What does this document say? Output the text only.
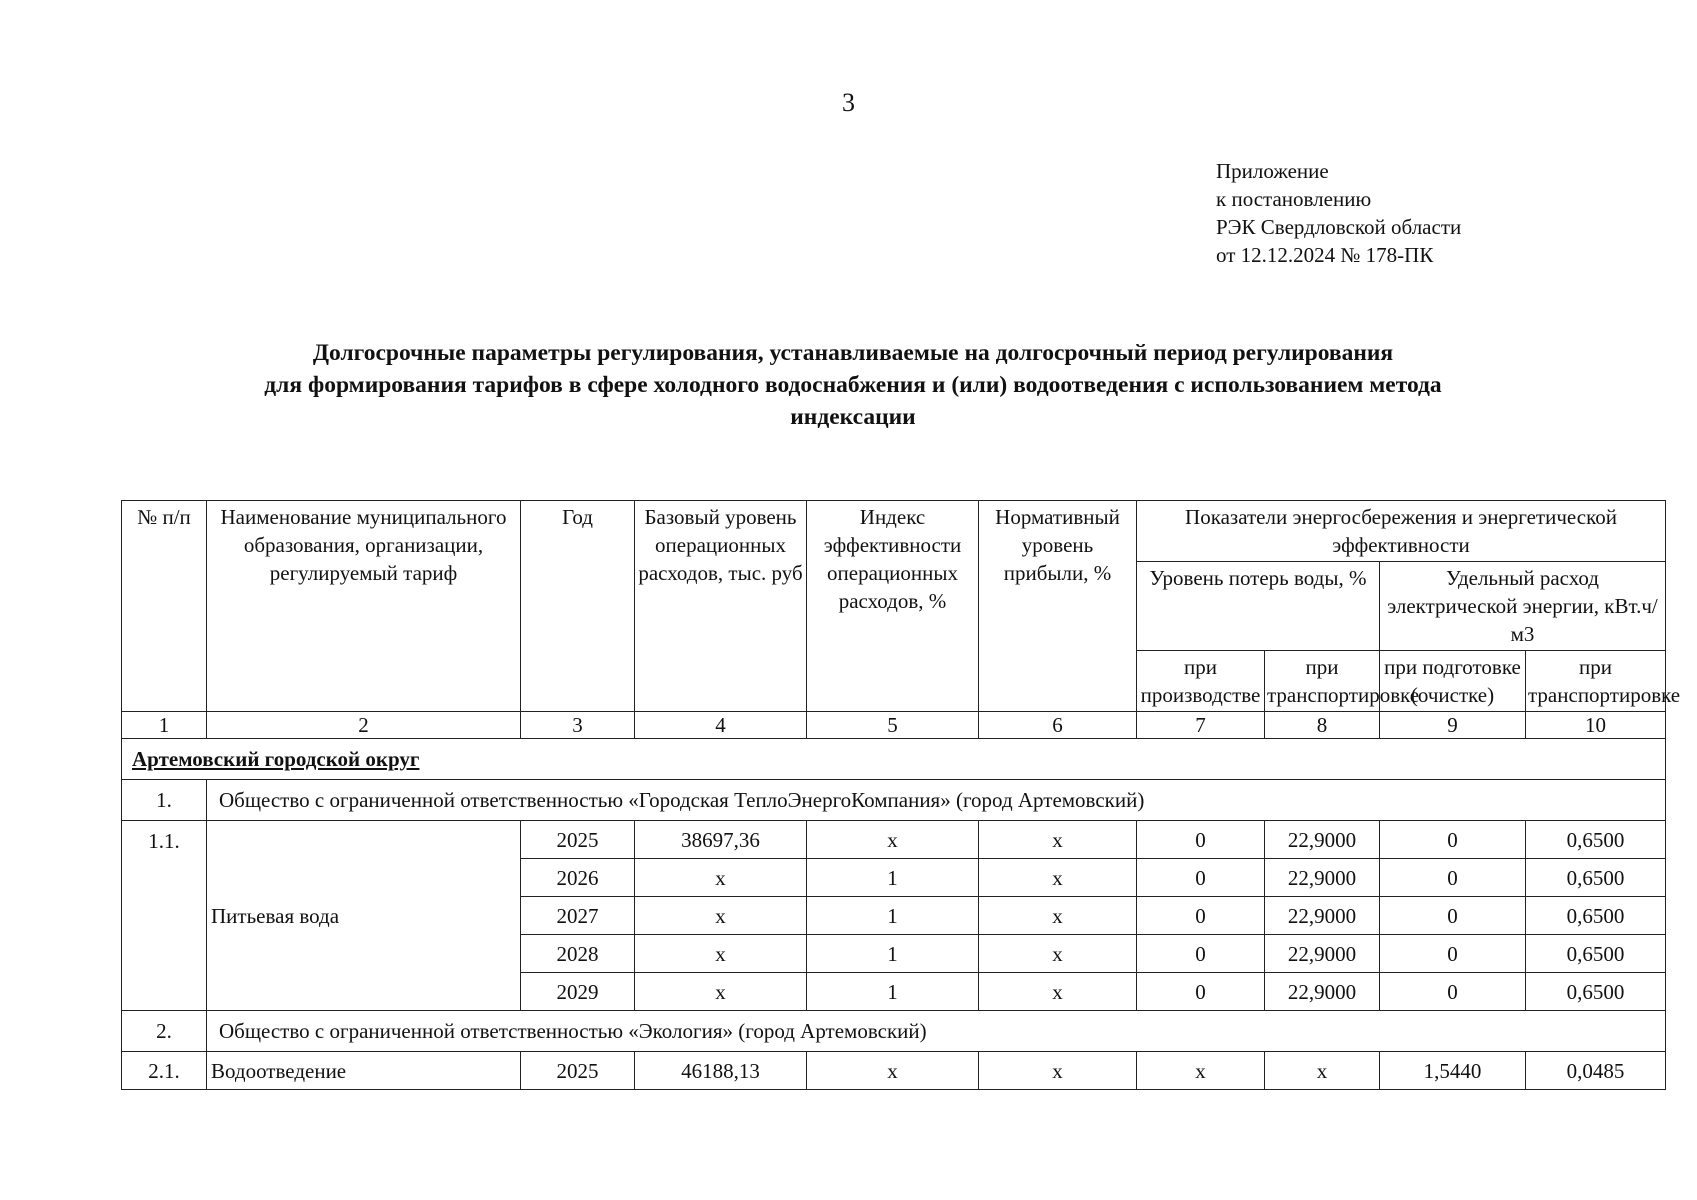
3
Приложение
к постановлению
РЭК Свердловской области
от 12.12.2024 № 178-ПК
Долгосрочные параметры регулирования, устанавливаемые на долгосрочный период регулирования
для формирования тарифов в сфере холодного водоснабжения и (или) водоотведения с использованием метода
индексации
№ п/п	Наименование муниципального образования, организации, регулируемый тариф	Год	Базовый уровень операционных расходов, тыс. руб	Индекс эффективности операционных расходов, %	Нормативный уровень прибыли, %	Показатели энергосбережения и энергетической эффективности			
						Уровень потерь воды, %		Удельный расход электрической энергии, кВт.ч/м3	
						при производстве	при транспортировке	при подготовке (очистке)	при транспортировке
1	2	3	4	5	6	7	8	9	10
Артемовский городской округ									
1.	Общество с ограниченной ответственностью «Городская ТеплоЭнергоКомпания» (город Артемовский)								
1.1.	Питьевая вода	2025	38697,36	x	x	0	22,9000	0	0,6500
		2026	x	1	x	0	22,9000	0	0,6500
		2027	x	1	x	0	22,9000	0	0,6500
		2028	x	1	x	0	22,9000	0	0,6500
		2029	x	1	x	0	22,9000	0	0,6500
2.	Общество с ограниченной ответственностью «Экология» (город Артемовский)								
2.1.	Водоотведение	2025	46188,13	x	x	x	x	1,5440	0,0485
